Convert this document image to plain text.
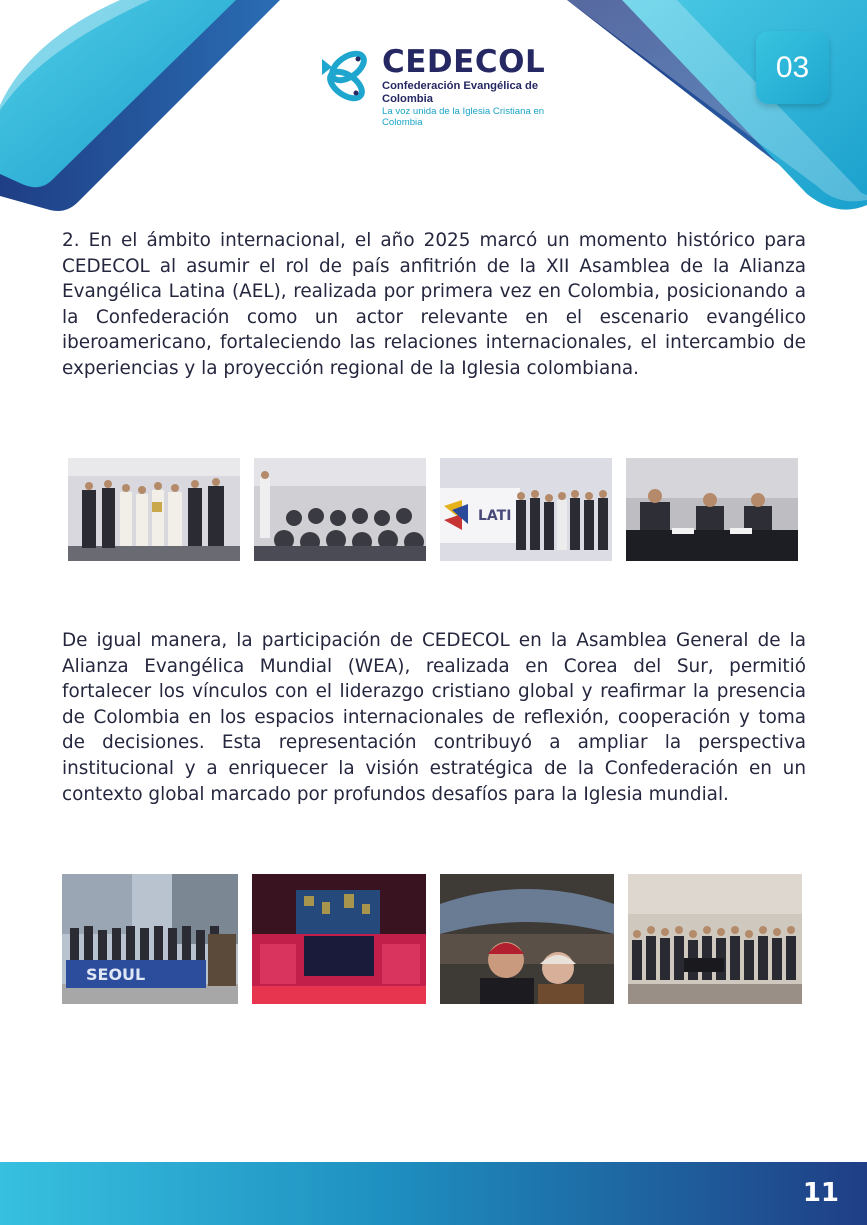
CEDECOL
Confederación Evangélica de Colombia
La voz unida de la Iglesia Cristiana en Colombia
03

2. En el ámbito internacional, el año 2025 marcó un momento histórico para CEDECOL al asumir el rol de país anfitrión de la XII Asamblea de la Alianza Evangélica Latina (AEL), realizada por primera vez en Colombia, posicionando a la Confederación como un actor relevante en el escenario evangélico iberoamericano, fortaleciendo las relaciones internacionales, el intercambio de experiencias y la proyección regional de la Iglesia colombiana.

LATI

De igual manera, la participación de CEDECOL en la Asamblea General de la Alianza Evangélica Mundial (WEA), realizada en Corea del Sur, permitió fortalecer los vínculos con el liderazgo cristiano global y reafirmar la presencia de Colombia en los espacios internacionales de reflexión, cooperación y toma de decisiones. Esta representación contribuyó a ampliar la perspectiva institucional y a enriquecer la visión estratégica de la Confederación en un contexto global marcado por profundos desafíos para la Iglesia mundial.

SEOUL
11
